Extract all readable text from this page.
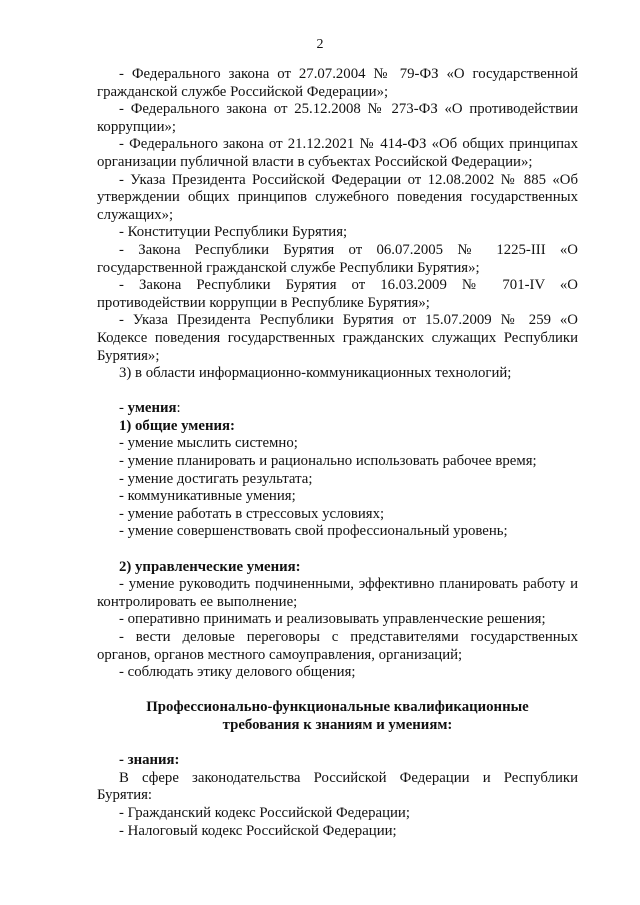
2

- Федерального закона от 27.07.2004 № 79-ФЗ «О государственной гражданской службе Российской Федерации»;

- Федерального закона от 25.12.2008 № 273-ФЗ «О противодействии коррупции»;

- Федерального закона от 21.12.2021 № 414-ФЗ «Об общих принципах организации публичной власти в субъектах Российской Федерации»;

- Указа Президента Российской Федерации от 12.08.2002 № 885 «Об утверждении общих принципов служебного поведения государственных служащих»;

- Конституции Республики Бурятия;

- Закона Республики Бурятия от 06.07.2005 № 1225-III «О государственной гражданской службе Республики Бурятия»;

- Закона Республики Бурятия от 16.03.2009 № 701-IV «О противодействии коррупции в Республике Бурятия»;

- Указа Президента Республики Бурятия от 15.07.2009 № 259 «О Кодексе поведения государственных гражданских служащих Республики Бурятия»;

3) в области информационно-коммуникационных технологий;

- умения:

1) общие умения:

- умение мыслить системно;

- умение планировать и рационально использовать рабочее время;

- умение достигать результата;

- коммуникативные умения;

- умение работать в стрессовых условиях;

- умение совершенствовать свой профессиональный уровень;

2) управленческие умения:

- умение руководить подчиненными, эффективно планировать работу и контролировать ее выполнение;

- оперативно принимать и реализовывать управленческие решения;

- вести деловые переговоры с представителями государственных органов, органов местного самоуправления, организаций;

- соблюдать этику делового общения;

Профессионально-функциональные квалификационные требования к знаниям и умениям:

- знания:

В сфере законодательства Российской Федерации и Республики Бурятия:

- Гражданский кодекс Российской Федерации;

- Налоговый кодекс Российской Федерации;
